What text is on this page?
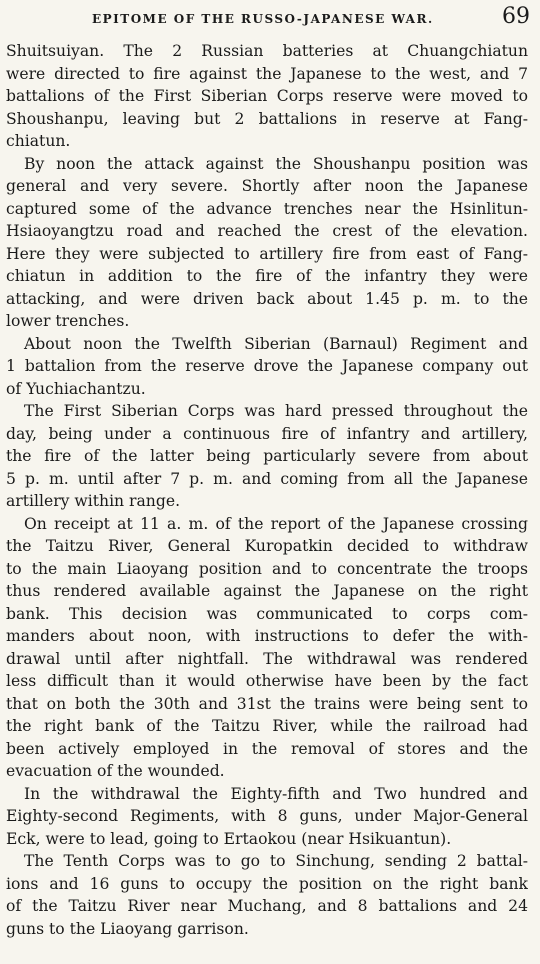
EPITOME OF THE RUSSO-JAPANESE WAR.	69
Shuitsuiyan. The 2 Russian batteries at Chuangchiatun
were directed to fire against the Japanese to the west, and 7
battalions of the First Siberian Corps reserve were moved to
Shoushanpu, leaving but 2 battalions in reserve at Fang-
chiatun.
By noon the attack against the Shoushanpu position was
general and very severe. Shortly after noon the Japanese
captured some of the advance trenches near the Hsinlitun-
Hsiaoyangtzu road and reached the crest of the elevation.
Here they were subjected to artillery fire from east of Fang-
chiatun in addition to the fire of the infantry they were
attacking, and were driven back about 1.45 p. m. to the
lower trenches.
About noon the Twelfth Siberian (Barnaul) Regiment and
1 battalion from the reserve drove the Japanese company out
of Yuchiachantzu.
The First Siberian Corps was hard pressed throughout the
day, being under a continuous fire of infantry and artillery,
the fire of the latter being particularly severe from about
5 p. m. until after 7 p. m. and coming from all the Japanese
artillery within range.
On receipt at 11 a. m. of the report of the Japanese crossing
the Taitzu River, General Kuropatkin decided to withdraw
to the main Liaoyang position and to concentrate the troops
thus rendered available against the Japanese on the right
bank. This decision was communicated to corps com-
manders about noon, with instructions to defer the with-
drawal until after nightfall. The withdrawal was rendered
less difficult than it would otherwise have been by the fact
that on both the 30th and 31st the trains were being sent to
the right bank of the Taitzu River, while the railroad had
been actively employed in the removal of stores and the
evacuation of the wounded.
In the withdrawal the Eighty-fifth and Two hundred and
Eighty-second Regiments, with 8 guns, under Major-General
Eck, were to lead, going to Ertaokou (near Hsikuantun).
The Tenth Corps was to go to Sinchung, sending 2 battal-
ions and 16 guns to occupy the position on the right bank
of the Taitzu River near Muchang, and 8 battalions and 24
guns to the Liaoyang garrison.
